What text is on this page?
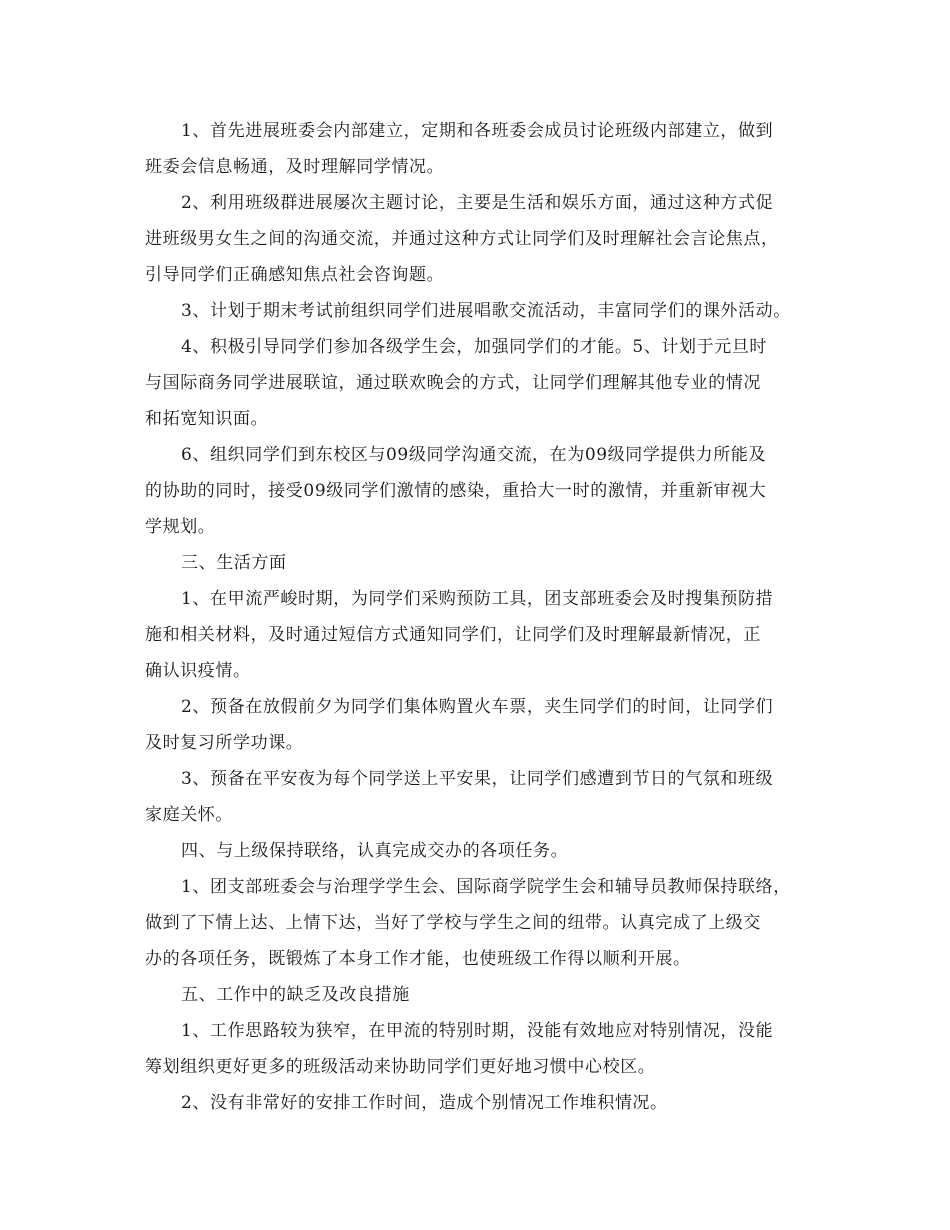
1、首先进展班委会内部建立，定期和各班委会成员讨论班级内部建立，做到

班委会信息畅通，及时理解同学情况。

2、利用班级群进展屡次主题讨论，主要是生活和娱乐方面，通过这种方式促

进班级男女生之间的沟通交流，并通过这种方式让同学们及时理解社会言论焦点，

引导同学们正确感知焦点社会咨询题。

3、计划于期末考试前组织同学们进展唱歌交流活动，丰富同学们的课外活动。

4、积极引导同学们参加各级学生会，加强同学们的才能。5、计划于元旦时

与国际商务同学进展联谊，通过联欢晚会的方式，让同学们理解其他专业的情况

和拓宽知识面。

6、组织同学们到东校区与09级同学沟通交流，在为09级同学提供力所能及

的协助的同时，接受09级同学们激情的感染，重拾大一时的激情，并重新审视大

学规划。

三、生活方面

1、在甲流严峻时期，为同学们采购预防工具，团支部班委会及时搜集预防措

施和相关材料，及时通过短信方式通知同学们，让同学们及时理解最新情况，正

确认识疫情。

2、预备在放假前夕为同学们集体购置火车票，夹生同学们的时间，让同学们

及时复习所学功课。

3、预备在平安夜为每个同学送上平安果，让同学们感遭到节日的气氛和班级

家庭关怀。

四、与上级保持联络，认真完成交办的各项任务。

1、团支部班委会与治理学学生会、国际商学院学生会和辅导员教师保持联络，

做到了下情上达、上情下达，当好了学校与学生之间的纽带。认真完成了上级交

办的各项任务，既锻炼了本身工作才能，也使班级工作得以顺利开展。

五、工作中的缺乏及改良措施

1、工作思路较为狭窄，在甲流的特别时期，没能有效地应对特别情况，没能

筹划组织更好更多的班级活动来协助同学们更好地习惯中心校区。

2、没有非常好的安排工作时间，造成个别情况工作堆积情况。
